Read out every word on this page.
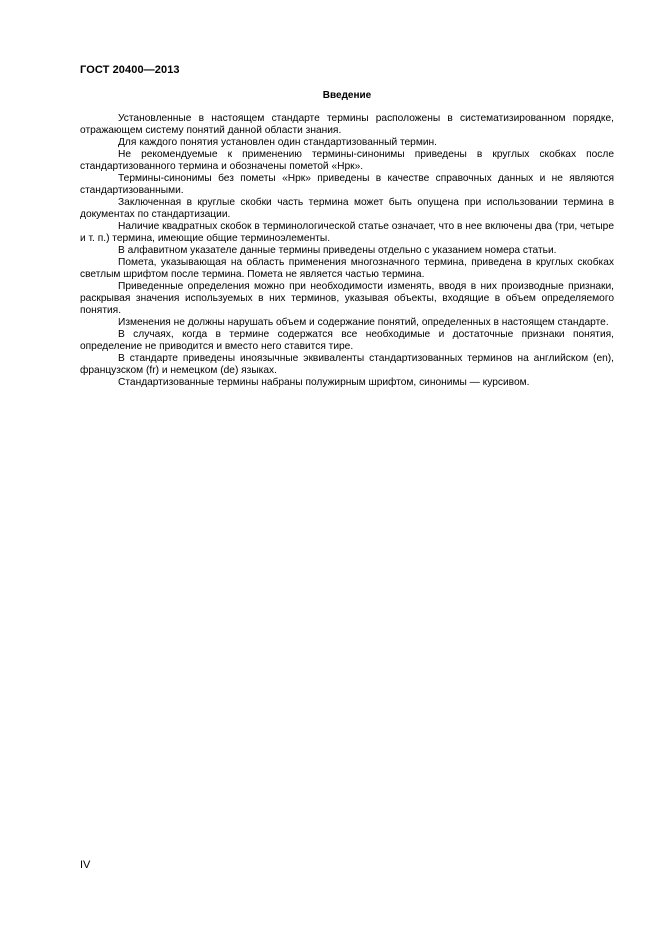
ГОСТ 20400—2013
Введение

Установленные в настоящем стандарте термины расположены в систематизированном порядке, отражающем систему понятий данной области знания.

Для каждого понятия установлен один стандартизованный термин.

Не рекомендуемые к применению термины-синонимы приведены в круглых скобках после стандартизованного термина и обозначены пометой «Нрк».

Термины-синонимы без пометы «Нрк» приведены в качестве справочных данных и не являются стандартизованными.

Заключенная в круглые скобки часть термина может быть опущена при использовании термина в документах по стандартизации.

Наличие квадратных скобок в терминологической статье означает, что в нее включены два (три, четыре и т. п.) термина, имеющие общие терминоэлементы.

В алфавитном указателе данные термины приведены отдельно с указанием номера статьи.

Пометa, указывающая на область применения многозначного термина, приведена в круглых скобках светлым шрифтом после термина. Помета не является частью термина.

Приведенные определения можно при необходимости изменять, вводя в них производные признаки, раскрывая значения используемых в них терминов, указывая объекты, входящие в объем определяемого понятия.

Изменения не должны нарушать объем и содержание понятий, определенных в настоящем стандарте.

В случаях, когда в термине содержатся все необходимые и достаточные признаки понятия, определение не приводится и вместо него ставится тире.

В стандарте приведены иноязычные эквиваленты стандартизованных терминов на английском (en), французском (fr) и немецком (de) языках.

Стандартизованные термины набраны полужирным шрифтом, синонимы — курсивом.

IV
